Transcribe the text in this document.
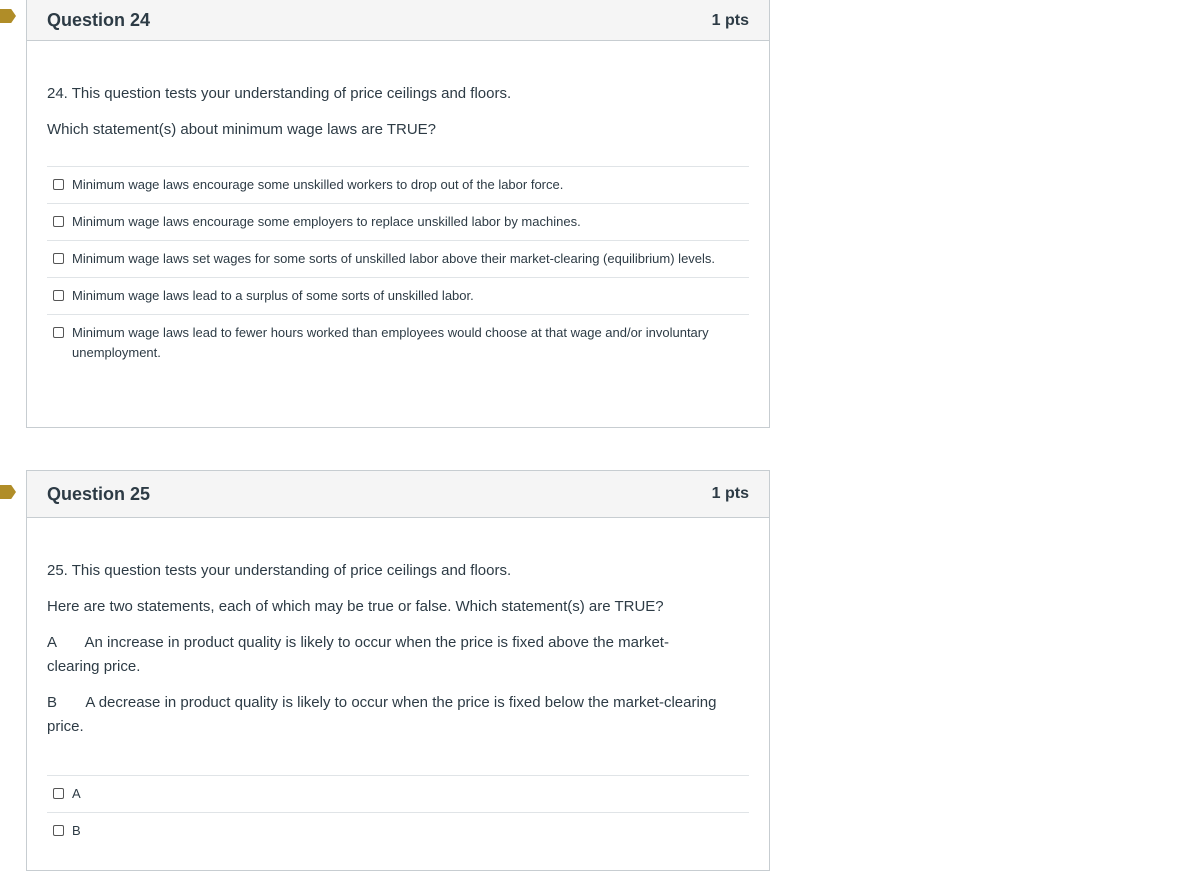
Question 24	1 pts

24. This question tests your understanding of price ceilings and floors.

Which statement(s) about minimum wage laws are TRUE?

Minimum wage laws encourage some unskilled workers to drop out of the labor force.
Minimum wage laws encourage some employers to replace unskilled labor by machines.
Minimum wage laws set wages for some sorts of unskilled labor above their market-clearing (equilibrium) levels.
Minimum wage laws lead to a surplus of some sorts of unskilled labor.
Minimum wage laws lead to fewer hours worked than employees would choose at that wage and/or involuntary unemployment.
Question 25	1 pts

25. This question tests your understanding of price ceilings and floors.

Here are two statements, each of which may be true or false. Which statement(s) are TRUE?

A       An increase in product quality is likely to occur when the price is fixed above the market-clearing price.

B       A decrease in product quality is likely to occur when the price is fixed below the market-clearing price.

A
B
